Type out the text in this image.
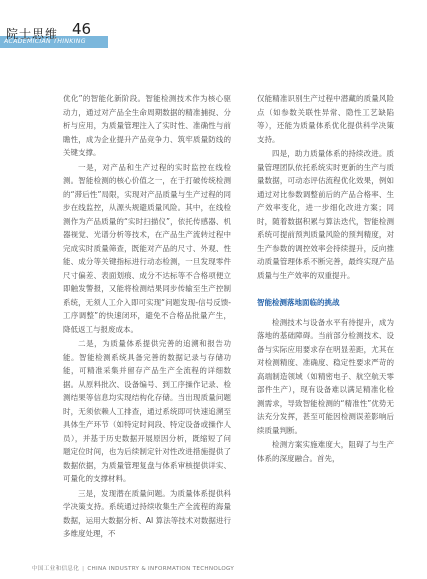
院士思维 46
ACADEMICIAN THINKING

优化”的智能化新阶段。智能检测技术作为核心驱动力，通过对产品全生命周期数据的精准捕捉、分析与应用，为质量管理注入了实时性、准确性与前瞻性，成为企业提升产品竞争力、筑牢质量防线的关键支撑。

一是，对产品和生产过程的实时监控在线检测。智能检测的核心价值之一，在于打破传统检测的“滞后性”局限，实现对产品质量与生产过程的同步在线监控，从源头规避质量风险。其中，在线检测作为产品质量的“实时扫描仪”，依托传感器、机器视觉、光谱分析等技术，在产品生产流转过程中完成实时质量筛查，既能对产品的尺寸、外观、性能、成分等关键指标进行动态检测，一旦发现零件尺寸偏差、表面划痕、成分不达标等不合格项便立即触发警报，又能将检测结果同步传输至生产控制系统，无须人工介入即可实现“问题发现-信号反馈-工序调整”的快速闭环，避免不合格品批量产生，降低返工与报废成本。

二是，为质量体系提供完善的追溯和报告功能。智能检测系统具备完善的数据记录与存储功能，可精准采集并留存产品生产全流程的详细数据。从原料批次、设备编号、到工序操作记录、检测结果等信息均实现结构化存储。当出现质量问题时，无须依赖人工排查，通过系统即可快速追溯至具体生产环节（如特定时间段、特定设备或操作人员），并基于历史数据开展原因分析，既缩短了问题定位时间，也为后续制定针对性改进措施提供了数据依据，为质量管理复盘与体系审核提供详实、可量化的支撑材料。

三是，发现潜在质量问题。为质量体系提供科学决策支持。系统通过持续收集生产全流程的海量数据，运用大数据分析、AI 算法等技术对数据进行多维度处理，不

仅能精准识别生产过程中潜藏的质量风险点（如参数关联性异常、隐性工艺缺陷等），还能为质量体系优化提供科学决策支持。

四是，助力质量体系的持续改进。质量管理团队依托系统实时更新的生产与质量数据，可动态评估流程优化效果，例如通过对比参数调整前后的产品合格率、生产效率变化，进一步细化改进方案；同时，随着数据积累与算法迭代，智能检测系统可提前预判质量风险的预判精度，对生产参数的调控效率会持续提升，反向推动质量管理体系不断完善，最终实现产品质量与生产效率的双重提升。

智能检测落地面临的挑战

检测技术与设备水平有待提升，成为落地的基础障碍。当前部分检测技术、设备与实际应用要求存在明显差距，尤其在对检测精度、准确度、稳定性要求严苛的高端制造领域（如精密电子、航空航天零部件生产），现有设备难以满足精准化检测需求，导致智能检测的“精准性”优势无法充分发挥，甚至可能因检测误差影响后续质量判断。

检测方案实施难度大，阻碍了与生产体系的深度融合。首先，

中国工业和信息化 | CHINA INDUSTRY & INFORMATION TECHNOLOGY
